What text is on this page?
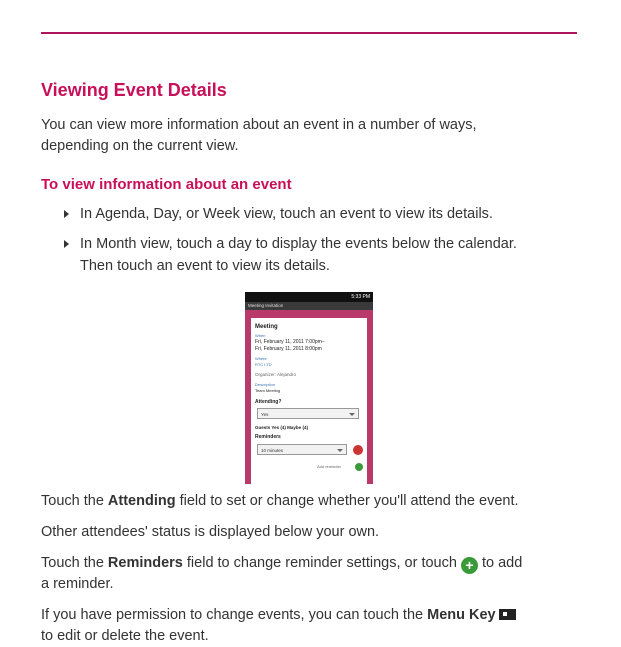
Viewing Event Details
You can view more information about an event in a number of ways,
depending on the current view.
To view information about an event
In Agenda, Day, or Week view, touch an event to view its details.
In Month view, touch a day to display the events below the calendar.
Then touch an event to view its details.
5:33 PM
Meeting Invitation
Meeting
When
Fri, February 11, 2011 7:00pm–
Fri, February 11, 2011 8:00pm
Where
RTC LTD
Organizer: Alejandro
Description
Team Meeting
Attending?
Yes
Guests Yes (4) Maybe (4)
Reminders
10 minutes
Add reminder
Touch the Attending field to set or change whether you'll attend the event.
Other attendees' status is displayed below your own.
Touch the Reminders field to change reminder settings, or touch + to add
a reminder.
If you have permission to change events, you can touch the Menu Key
to edit or delete the event.
